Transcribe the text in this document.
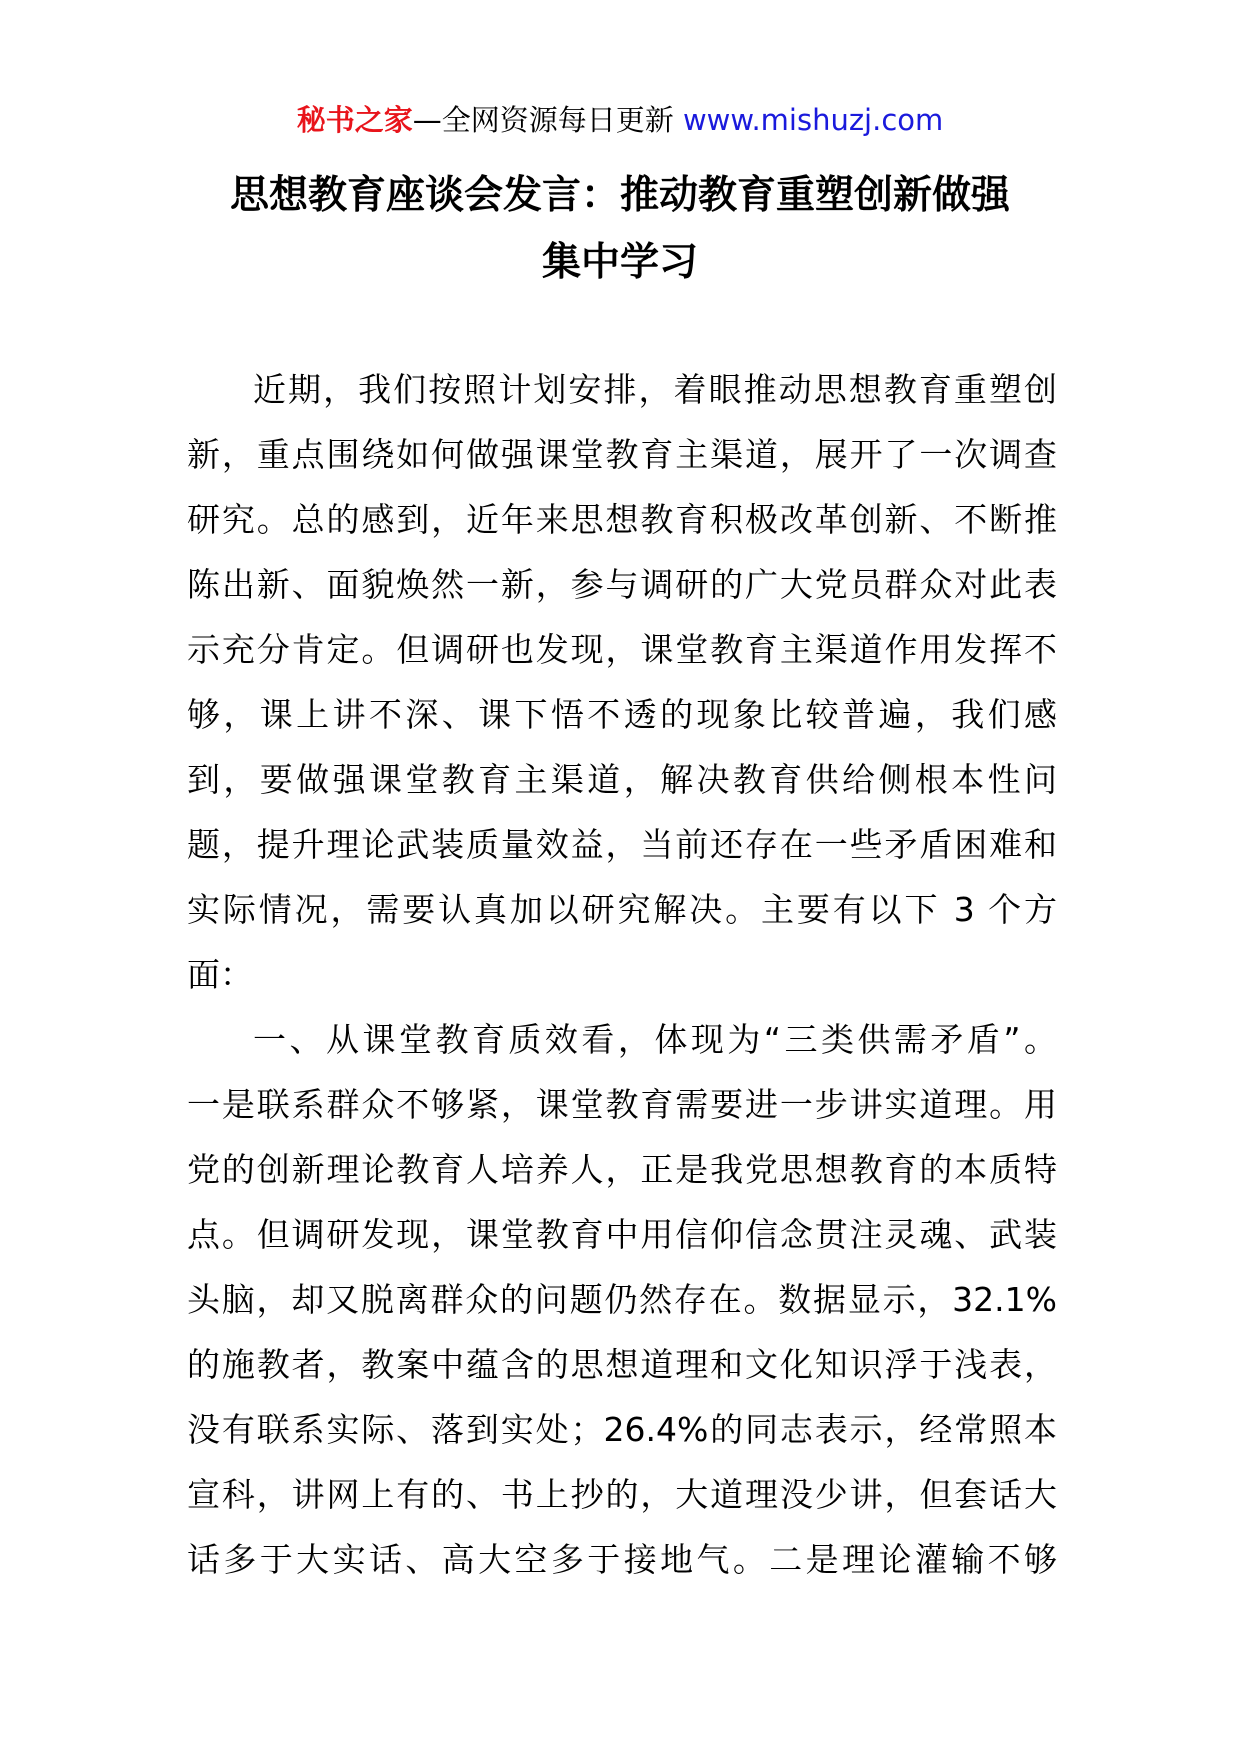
秘书之家—全网资源每日更新 www.mishuzj.com
思想教育座谈会发言：推动教育重塑创新做强
集中学习
近期，我们按照计划安排，着眼推动思想教育重塑创
新，重点围绕如何做强课堂教育主渠道，展开了一次调查
研究。总的感到，近年来思想教育积极改革创新、不断推
陈出新、面貌焕然一新，参与调研的广大党员群众对此表
示充分肯定。但调研也发现，课堂教育主渠道作用发挥不
够，课上讲不深、课下悟不透的现象比较普遍，我们感
到，要做强课堂教育主渠道，解决教育供给侧根本性问
题，提升理论武装质量效益，当前还存在一些矛盾困难和
实际情况，需要认真加以研究解决。主要有以下 3 个方
面：
一、从课堂教育质效看，体现为“三类供需矛盾”。
一是联系群众不够紧，课堂教育需要进一步讲实道理。用
党的创新理论教育人培养人，正是我党思想教育的本质特
点。但调研发现，课堂教育中用信仰信念贯注灵魂、武装
头脑，却又脱离群众的问题仍然存在。数据显示，32.1%
的施教者，教案中蕴含的思想道理和文化知识浮于浅表，
没有联系实际、落到实处；26.4%的同志表示，经常照本
宣科，讲网上有的、书上抄的，大道理没少讲，但套话大
话多于大实话、高大空多于接地气。二是理论灌输不够
